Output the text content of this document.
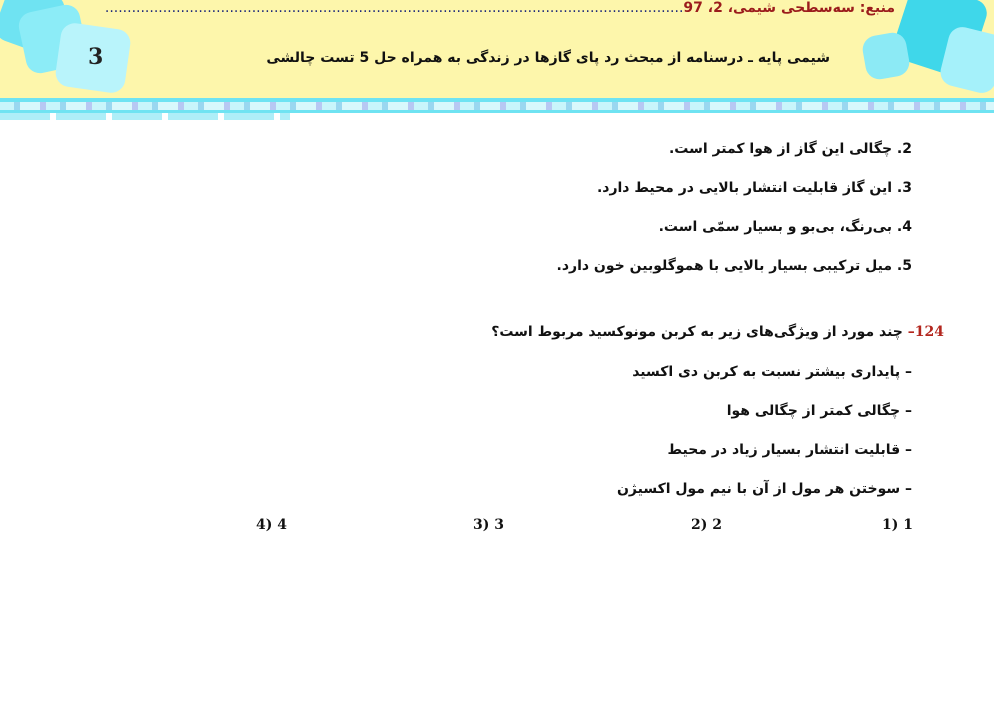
3	شیمی پایه ـ درسنامه از مبحث رد پای گازها در زندگی به همراه حل 5 تست چالشی
2. چگالی این گاز از هوا کمتر است.
3. این گاز قابلیت انتشار بالایی در محیط دارد.
4. بی‌رنگ، بی‌بو و بسیار سمّی است.
5. میل ترکیبی بسیار بالایی با هموگلوبین خون دارد.
منبع: سه‌سطحی شیمی، 2، 97..................................................................................................................................
124– چند مورد از ویژگی‌های زیر به کربن مونوکسید مربوط است؟
– پایداری بیشتر نسبت به کربن دی اکسید
– چگالی کمتر از چگالی هوا
– قابلیت انتشار بسیار زیاد در محیط
– سوختن هر مول از آن با نیم مول اکسیژن
1) 1
2) 2
3) 3
4) 4
